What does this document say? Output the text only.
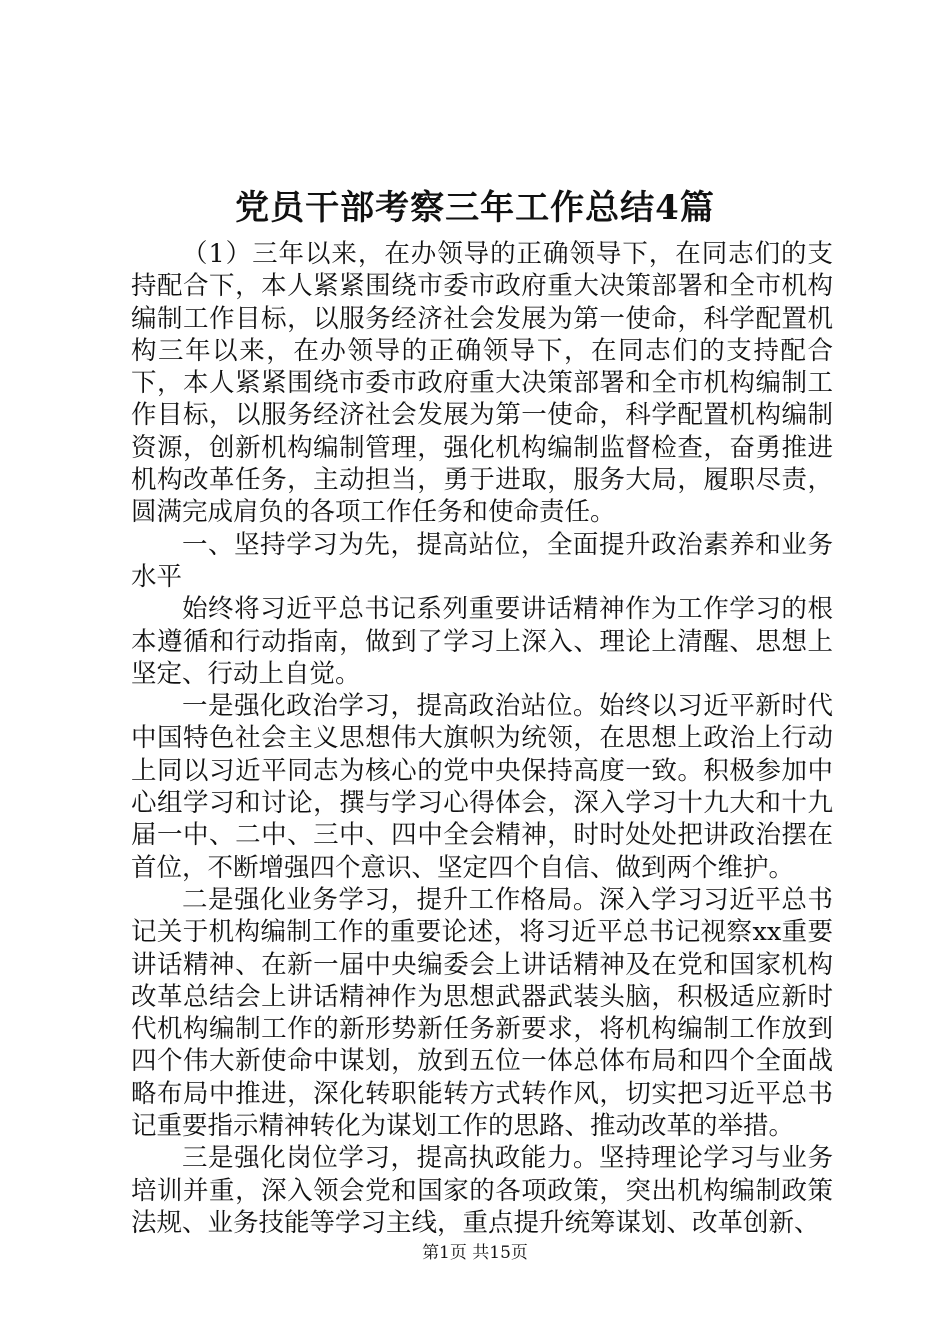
党员干部考察三年工作总结4篇

（1）三年以来，在办领导的正确领导下，在同志们的支持配合下，本人紧紧围绕市委市政府重大决策部署和全市机构编制工作目标，以服务经济社会发展为第一使命，科学配置机构三年以来，在办领导的正确领导下，在同志们的支持配合下，本人紧紧围绕市委市政府重大决策部署和全市机构编制工作目标，以服务经济社会发展为第一使命，科学配置机构编制资源，创新机构编制管理，强化机构编制监督检查，奋勇推进机构改革任务，主动担当，勇于进取，服务大局，履职尽责，圆满完成肩负的各项工作任务和使命责任。

一、坚持学习为先，提高站位，全面提升政治素养和业务水平

始终将习近平总书记系列重要讲话精神作为工作学习的根本遵循和行动指南，做到了学习上深入、理论上清醒、思想上坚定、行动上自觉。

一是强化政治学习，提高政治站位。始终以习近平新时代中国特色社会主义思想伟大旗帜为统领，在思想上政治上行动上同以习近平同志为核心的党中央保持高度一致。积极参加中心组学习和讨论，撰与学习心得体会，深入学习十九大和十九届一中、二中、三中、四中全会精神，时时处处把讲政治摆在首位，不断增强四个意识、坚定四个自信、做到两个维护。

二是强化业务学习，提升工作格局。深入学习习近平总书记关于机构编制工作的重要论述，将习近平总书记视察xx重要讲话精神、在新一届中央编委会上讲话精神及在党和国家机构改革总结会上讲话精神作为思想武器武装头脑，积极适应新时代机构编制工作的新形势新任务新要求，将机构编制工作放到四个伟大新使命中谋划，放到五位一体总体布局和四个全面战略布局中推进，深化转职能转方式转作风，切实把习近平总书记重要指示精神转化为谋划工作的思路、推动改革的举措。

三是强化岗位学习，提高执政能力。坚持理论学习与业务培训并重，深入领会党和国家的各项政策，突出机构编制政策法规、业务技能等学习主线，重点提升统筹谋划、改革创新、

第1页 共15页
